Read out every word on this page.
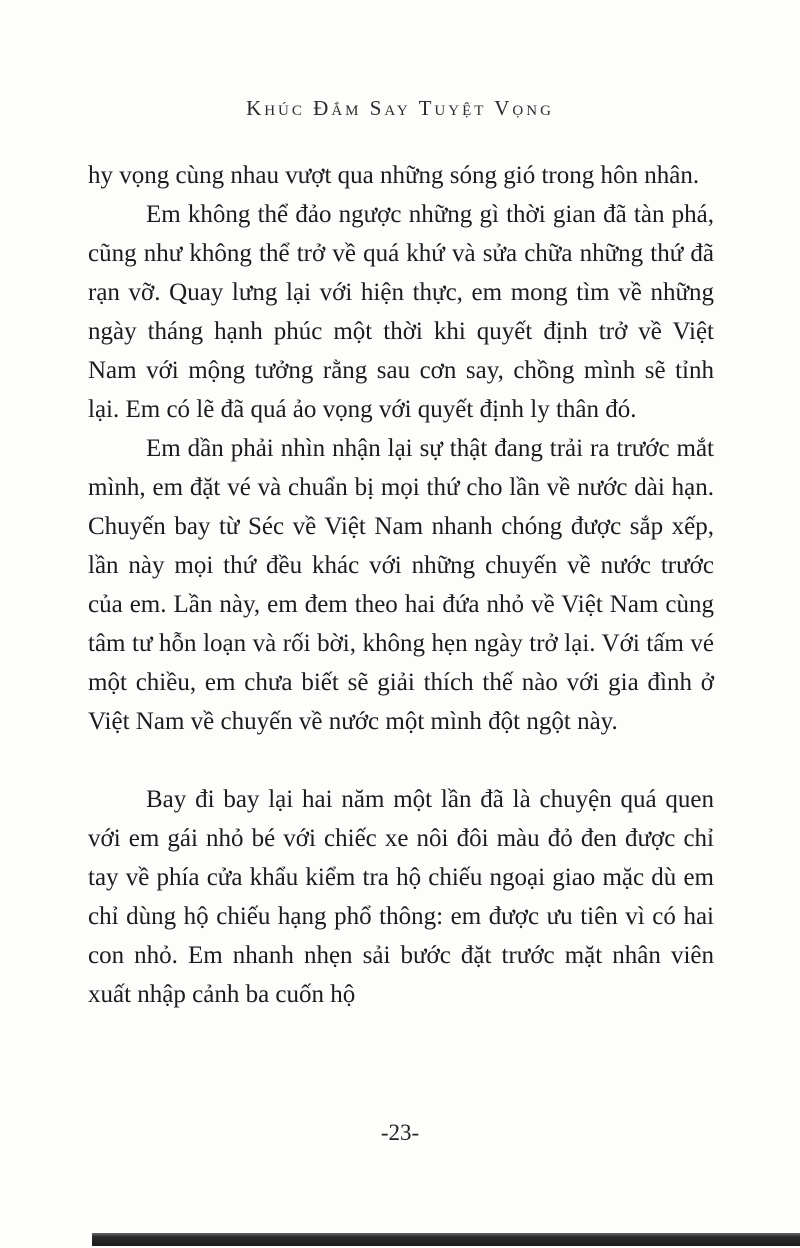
Khúc Đắm Say Tuyệt Vọng

hy vọng cùng nhau vượt qua những sóng gió trong hôn nhân.

Em không thể đảo ngược những gì thời gian đã tàn phá, cũng như không thể trở về quá khứ và sửa chữa những thứ đã rạn vỡ. Quay lưng lại với hiện thực, em mong tìm về những ngày tháng hạnh phúc một thời khi quyết định trở về Việt Nam với mộng tưởng rằng sau cơn say, chồng mình sẽ tỉnh lại. Em có lẽ đã quá ảo vọng với quyết định ly thân đó.

Em dần phải nhìn nhận lại sự thật đang trải ra trước mắt mình, em đặt vé và chuẩn bị mọi thứ cho lần về nước dài hạn. Chuyến bay từ Séc về Việt Nam nhanh chóng được sắp xếp, lần này mọi thứ đều khác với những chuyến về nước trước của em. Lần này, em đem theo hai đứa nhỏ về Việt Nam cùng tâm tư hỗn loạn và rối bời, không hẹn ngày trở lại. Với tấm vé một chiều, em chưa biết sẽ giải thích thế nào với gia đình ở Việt Nam về chuyến về nước một mình đột ngột này.

Bay đi bay lại hai năm một lần đã là chuyện quá quen với em gái nhỏ bé với chiếc xe nôi đôi màu đỏ đen được chỉ tay về phía cửa khẩu kiểm tra hộ chiếu ngoại giao mặc dù em chỉ dùng hộ chiếu hạng phổ thông: em được ưu tiên vì có hai con nhỏ. Em nhanh nhẹn sải bước đặt trước mặt nhân viên xuất nhập cảnh ba cuốn hộ

-23-
